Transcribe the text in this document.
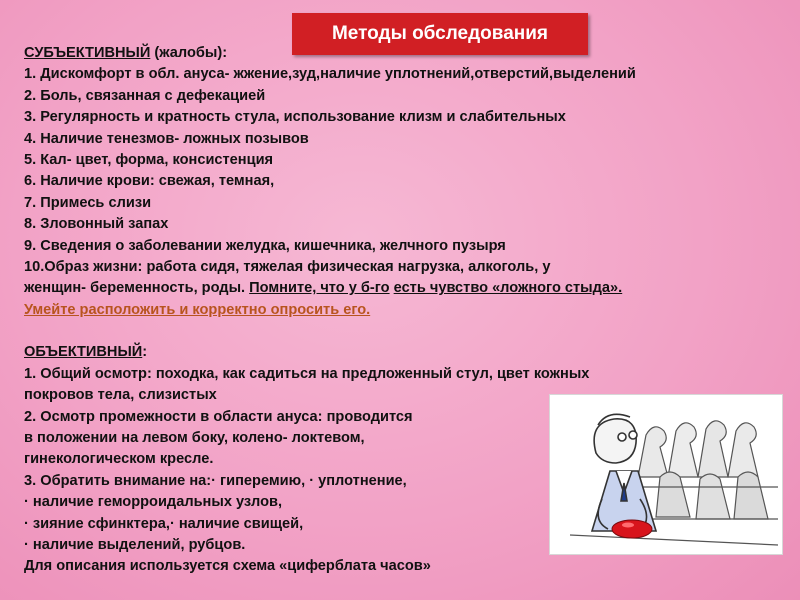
Методы обследования
СУБЪЕКТИВНЫЙ (жалобы):
1. Дискомфорт в обл. ануса- жжение,зуд,наличие уплотнений,отверстий,выделений
2. Боль, связанная с дефекацией
3. Регулярность и кратность стула, использование клизм и слабительных
4. Наличие тенезмов- ложных позывов
5. Кал- цвет, форма, консистенция
6. Наличие крови: свежая, темная,
7. Примесь слизи
8. Зловонный запах
9. Сведения о заболевании желудка, кишечника, желчного пузыря
10.Образ жизни: работа сидя, тяжелая физическая нагрузка, алкоголь, у
женщин- беременность, роды. Помните, что у б-го есть чувство «ложного стыда».
Умейте расположить и корректно опросить его.
ОБЪЕКТИВНЫЙ:
1. Общий осмотр: походка, как садиться на предложенный стул, цвет кожных
покровов тела, слизистых
2. Осмотр промежности в области ануса: проводится
в положении на левом боку, колено- локтевом,
гинекологическом кресле.
3. Обратить внимание на:· гиперемию, · уплотнение,
· наличие геморроидальных узлов,
· зияние сфинктера,· наличие свищей,
· наличие выделений, рубцов.
Для описания используется схема «циферблата часов»
